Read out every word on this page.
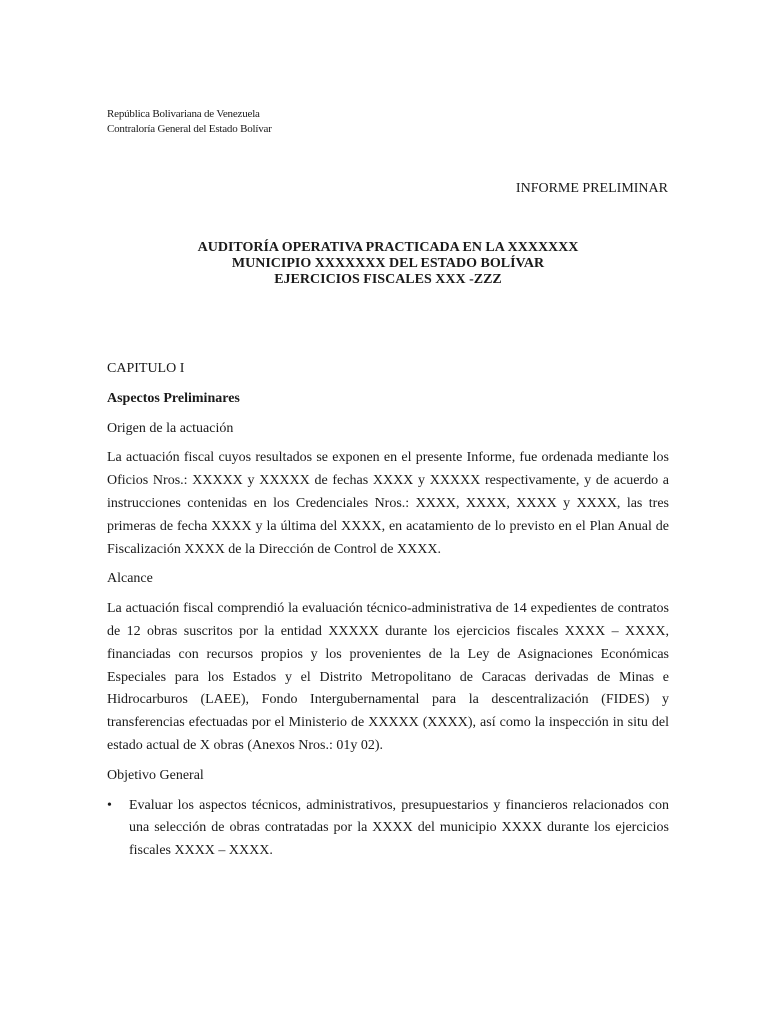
República Bolivariana de Venezuela
Contraloría General del Estado Bolívar
INFORME PRELIMINAR
AUDITORÍA OPERATIVA PRACTICADA EN LA XXXXXXX
MUNICIPIO XXXXXXX DEL ESTADO BOLÍVAR
EJERCICIOS FISCALES XXX -ZZZ

CAPITULO I

Aspectos Preliminares

Origen de la actuación

La actuación fiscal cuyos resultados se exponen en el presente Informe, fue ordenada mediante los Oficios Nros.: XXXXX y XXXXX de fechas XXXX y XXXXX respectivamente, y de acuerdo a instrucciones contenidas en los Credenciales Nros.: XXXX, XXXX, XXXX y XXXX, las tres primeras de fecha XXXX y la última del XXXX, en acatamiento de lo previsto en el Plan Anual de Fiscalización XXXX de la Dirección de Control de XXXX.

Alcance

La actuación fiscal comprendió la evaluación técnico-administrativa de 14 expedientes de contratos de 12 obras suscritos por la entidad XXXXX durante los ejercicios fiscales XXXX – XXXX, financiadas con recursos propios y los provenientes de la Ley de Asignaciones Económicas Especiales para los Estados y el Distrito Metropolitano de Caracas derivadas de Minas e Hidrocarburos (LAEE), Fondo Intergubernamental para la descentralización (FIDES) y transferencias efectuadas por el Ministerio de XXXXX (XXXX), así como la inspección in situ del estado actual de X obras (Anexos Nros.: 01y 02).

Objetivo General

•	Evaluar los aspectos técnicos, administrativos, presupuestarios y financieros relacionados con una selección de obras contratadas por la XXXX del municipio XXXX durante los ejercicios fiscales XXXX – XXXX.
